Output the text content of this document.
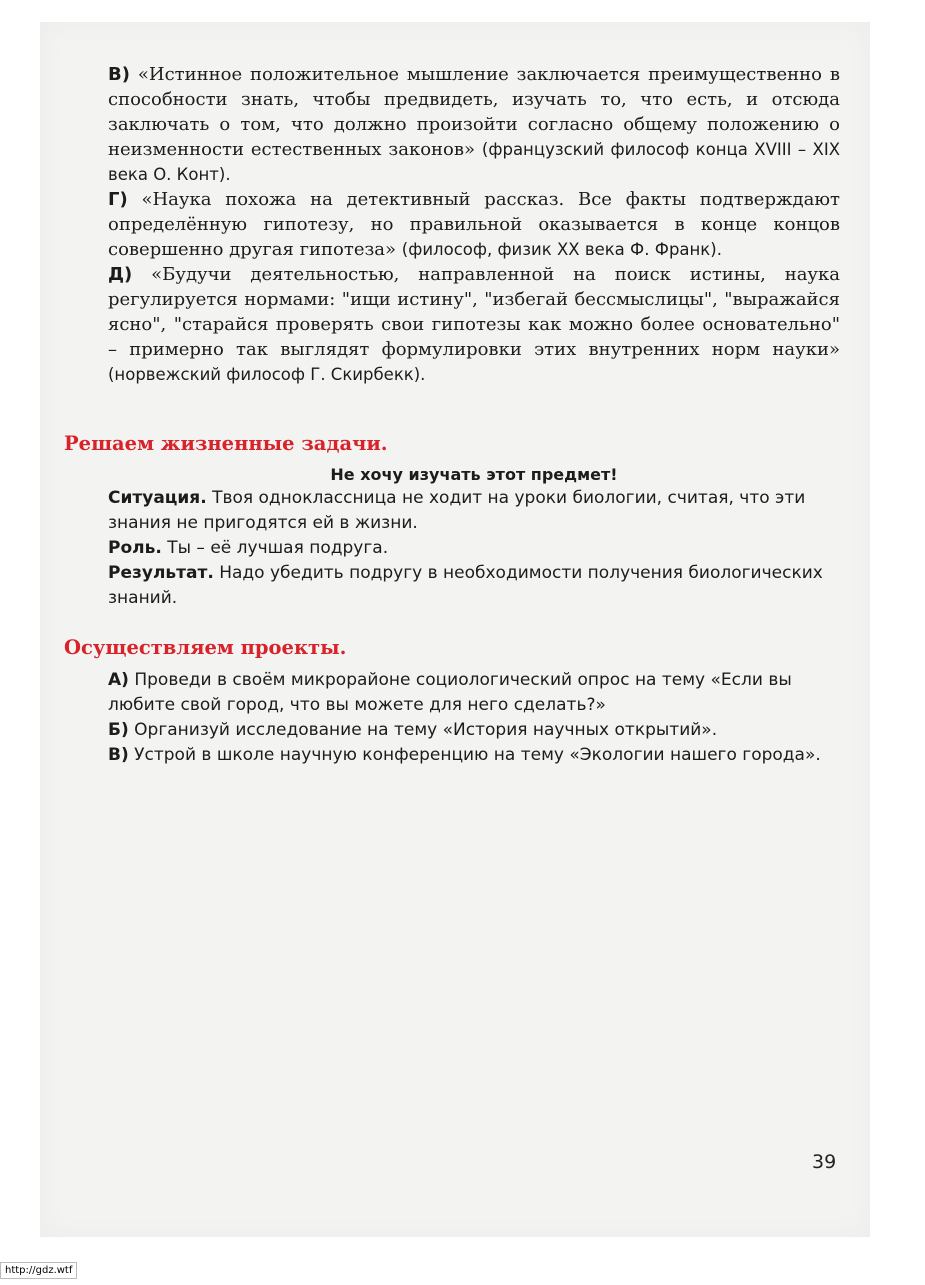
В) «Истинное положительное мышление заключается преимущественно в способности знать, чтобы предвидеть, изучать то, что есть, и отсюда заключать о том, что должно произойти согласно общему положению о неизменности естественных законов» (французский философ конца XVIII – XIX века О. Конт).

Г) «Наука похожа на детективный рассказ. Все факты подтверждают определённую гипотезу, но правильной оказывается в конце концов совершенно другая гипотеза» (философ, физик XX века Ф. Франк).

Д) «Будучи деятельностью, направленной на поиск истины, наука регулируется нормами: "ищи истину", "избегай бессмыслицы", "выражайся ясно", "старайся проверять свои гипотезы как можно более основательно" – примерно так выглядят формулировки этих внутренних норм науки» (норвежский философ Г. Скирбекк).

Решаем жизненные задачи.
Не хочу изучать этот предмет!

Ситуация. Твоя одноклассница не ходит на уроки биологии, считая, что эти знания не пригодятся ей в жизни.

Роль. Ты – её лучшая подруга.

Результат. Надо убедить подругу в необходимости получения биологических знаний.

Осуществляем проекты.

А) Проведи в своём микрорайоне социологический опрос на тему «Если вы любите свой город, что вы можете для него сделать?»

Б) Организуй исследование на тему «История научных открытий».

В) Устрой в школе научную конференцию на тему «Экологии нашего города».

39
http://gdz.wtf
